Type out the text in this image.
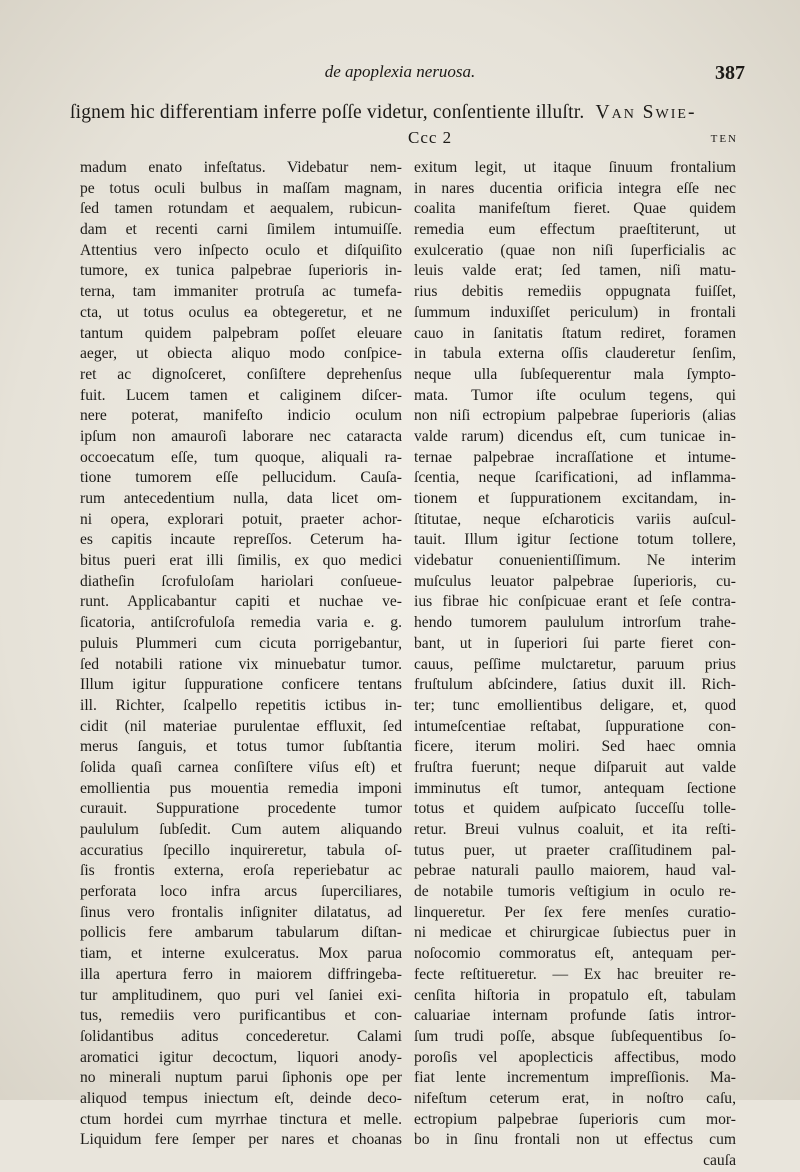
de apoplexia neruosa.	387
ſignem hic differentiam inferre poſſe videtur, conſentiente illuſtr. Van Swie-
Ccc 2	ten
madum enato infeſtatus. Videbatur nem-
pe totus oculi bulbus in maſſam magnam,
ſed tamen rotundam et aequalem, rubicun-
dam et recenti carni ſimilem intumuiſſe.
Attentius vero inſpecto oculo et diſquiſito
tumore, ex tunica palpebrae ſuperioris in-
terna, tam immaniter protruſa ac tumefa-
cta, ut totus oculus ea obtegeretur, et ne
tantum quidem palpebram poſſet eleuare
aeger, ut obiecta aliquo modo conſpice-
ret ac dignoſceret, conſiſtere deprehenſus
fuit. Lucem tamen et caliginem diſcer-
nere poterat, manifeſto indicio oculum
ipſum non amauroſi laborare nec cataracta
occoecatum eſſe, tum quoque, aliquali ra-
tione tumorem eſſe pellucidum. Cauſa-
rum antecedentium nulla, data licet om-
ni opera, explorari potuit, praeter achor-
es capitis incaute repreſſos. Ceterum ha-
bitus pueri erat illi ſimilis, ex quo medici
diatheſin ſcrofuloſam hariolari conſueue-
runt. Applicabantur capiti et nuchae ve-
ſicatoria, antiſcrofuloſa remedia varia e. g.
puluis Plummeri cum cicuta porrigebantur,
ſed notabili ratione vix minuebatur tumor.
Illum igitur ſuppuratione conficere tentans
ill. Richter, ſcalpello repetitis ictibus in-
cidit (nil materiae purulentae effluxit, ſed
merus ſanguis, et totus tumor ſubſtantia
ſolida quaſi carnea conſiſtere viſus eſt) et
emollientia pus mouentia remedia imponi
curauit. Suppuratione procedente tumor
paululum ſubſedit. Cum autem aliquando
accuratius ſpecillo inquireretur, tabula oſ-
ſis frontis externa, eroſa reperiebatur ac
perforata loco infra arcus ſuperciliares,
ſinus vero frontalis inſigniter dilatatus, ad
pollicis fere ambarum tabularum diſtan-
tiam, et interne exulceratus. Mox parua
illa apertura ferro in maiorem diffringeba-
tur amplitudinem, quo puri vel ſaniei exi-
tus, remediis vero purificantibus et con-
ſolidantibus aditus concederetur. Calami
aromatici igitur decoctum, liquori anody-
no minerali nuptum parui ſiphonis ope per
aliquod tempus iniectum eſt, deinde deco-
ctum hordei cum myrrhae tinctura et melle.
Liquidum fere ſemper per nares et choanas
exitum legit, ut itaque ſinuum frontalium
in nares ducentia orificia integra eſſe nec
coalita manifeſtum fieret. Quae quidem
remedia eum effectum praeſtiterunt, ut
exulceratio (quae non niſi ſuperficialis ac
leuis valde erat; ſed tamen, niſi matu-
rius debitis remediis oppugnata fuiſſet,
ſummum induxiſſet periculum) in frontali
cauo in ſanitatis ſtatum rediret, foramen
in tabula externa oſſis clauderetur ſenſim,
neque ulla ſubſequerentur mala ſympto-
mata. Tumor iſte oculum tegens, qui
non niſi ectropium palpebrae ſuperioris (alias
valde rarum) dicendus eſt, cum tunicae in-
ternae palpebrae incraſſatione et intume-
ſcentia, neque ſcarificationi, ad inflamma-
tionem et ſuppurationem excitandam, in-
ſtitutae, neque eſcharoticis variis auſcul-
tauit. Illum igitur ſectione totum tollere,
videbatur conuenientiſſimum. Ne interim
muſculus leuator palpebrae ſuperioris, cu-
ius fibrae hic conſpicuae erant et ſeſe contra-
hendo tumorem paululum introrſum trahe-
bant, ut in ſuperiori ſui parte fieret con-
cauus, peſſime mulctaretur, paruum prius
fruſtulum abſcindere, ſatius duxit ill. Rich-
ter; tunc emollientibus deligare, et, quod
intumeſcentiae reſtabat, ſuppuratione con-
ficere, iterum moliri. Sed haec omnia
fruſtra fuerunt; neque diſparuit aut valde
imminutus eſt tumor, antequam ſectione
totus et quidem auſpicato ſucceſſu tolle-
retur. Breui vulnus coaluit, et ita reſti-
tutus puer, ut praeter craſſitudinem pal-
pebrae naturali paullo maiorem, haud val-
de notabile tumoris veſtigium in oculo re-
linqueretur. Per ſex fere menſes curatio-
ni medicae et chirurgicae ſubiectus puer in
noſocomio commoratus eſt, antequam per-
fecte reſtitueretur. — Ex hac breuiter re-
cenſita hiſtoria in propatulo eſt, tabulam
caluariae internam profunde ſatis intror-
ſum trudi poſſe, absque ſubſequentibus ſo-
poroſis vel apoplecticis affectibus, modo
fiat lente incrementum impreſſionis. Ma-
nifeſtum ceterum erat, in noſtro caſu,
ectropium palpebrae ſuperioris cum mor-
bo in ſinu frontali non ut effectus cum
cauſa
